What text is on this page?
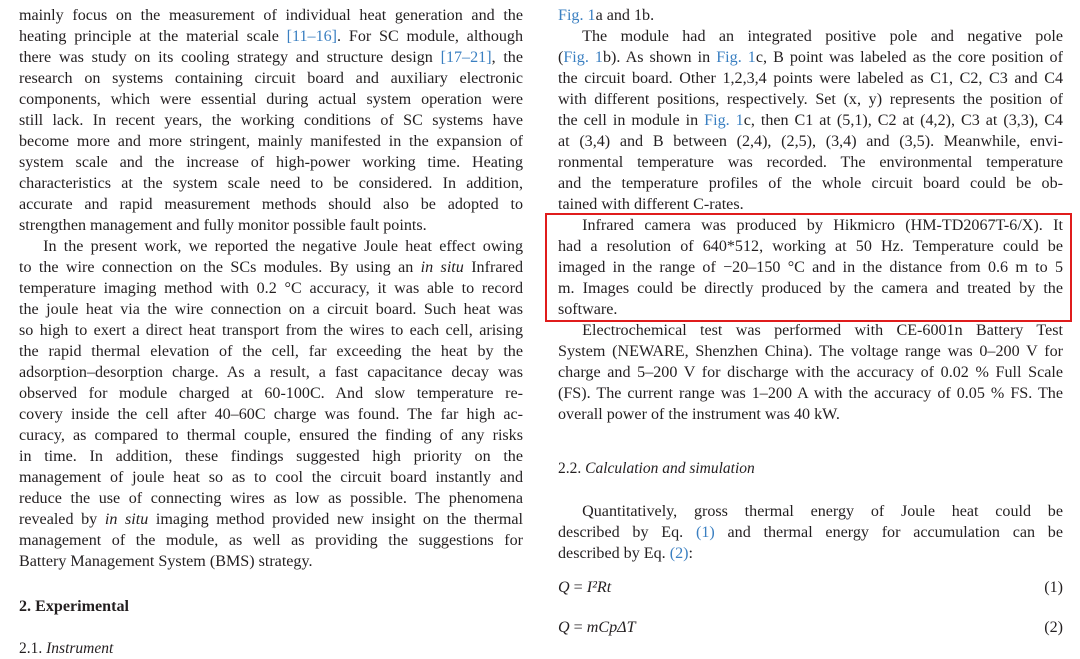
mainly focus on the measurement of individual heat generation and the
heating principle at the material scale [11–16]. For SC module, although
there was study on its cooling strategy and structure design [17–21], the
research on systems containing circuit board and auxiliary electronic
components, which were essential during actual system operation were
still lack. In recent years, the working conditions of SC systems have
become more and more stringent, mainly manifested in the expansion of
system scale and the increase of high-power working time. Heating
characteristics at the system scale need to be considered. In addition,
accurate and rapid measurement methods should also be adopted to
strengthen management and fully monitor possible fault points.
  In the present work, we reported the negative Joule heat effect owing
to the wire connection on the SCs modules. By using an in situ Infrared
temperature imaging method with 0.2 °C accuracy, it was able to record
the joule heat via the wire connection on a circuit board. Such heat was
so high to exert a direct heat transport from the wires to each cell, arising
the rapid thermal elevation of the cell, far exceeding the heat by the
adsorption–desorption charge. As a result, a fast capacitance decay was
observed for module charged at 60-100C. And slow temperature re-
covery inside the cell after 40–60C charge was found. The far high ac-
curacy, as compared to thermal couple, ensured the finding of any risks
in time. In addition, these findings suggested high priority on the
management of joule heat so as to cool the circuit board instantly and
reduce the use of connecting wires as low as possible. The phenomena
revealed by in situ imaging method provided new insight on the thermal
management of the module, as well as providing the suggestions for
Battery Management System (BMS) strategy.
2. Experimental
2.1. Instrument
Fig. 1a and 1b.
  The module had an integrated positive pole and negative pole
(Fig. 1b). As shown in Fig. 1c, B point was labeled as the core position of
the circuit board. Other 1,2,3,4 points were labeled as C1, C2, C3 and C4
with different positions, respectively. Set (x, y) represents the position of
the cell in module in Fig. 1c, then C1 at (5,1), C2 at (4,2), C3 at (3,3), C4
at (3,4) and B between (2,4), (2,5), (3,4) and (3,5). Meanwhile, envi-
ronmental temperature was recorded. The environmental temperature
and the temperature profiles of the whole circuit board could be ob-
tained with different C-rates.
  Infrared camera was produced by Hikmicro (HM-TD2067T-6/X). It
had a resolution of 640*512, working at 50 Hz. Temperature could be
imaged in the range of −20–150 °C and in the distance from 0.6 m to 5
m. Images could be directly produced by the camera and treated by the
software.
  Electrochemical test was performed with CE-6001n Battery Test
System (NEWARE, Shenzhen China). The voltage range was 0–200 V for
charge and 5–200 V for discharge with the accuracy of 0.02 % Full Scale
(FS). The current range was 1–200 A with the accuracy of 0.05 % FS. The
overall power of the instrument was 40 kW.
2.2. Calculation and simulation
  Quantitatively, gross thermal energy of Joule heat could be
described by Eq. (1) and thermal energy for accumulation can be
described by Eq. (2):
Q = I²Rt	(1)
Q = mCpΔT	(2)
